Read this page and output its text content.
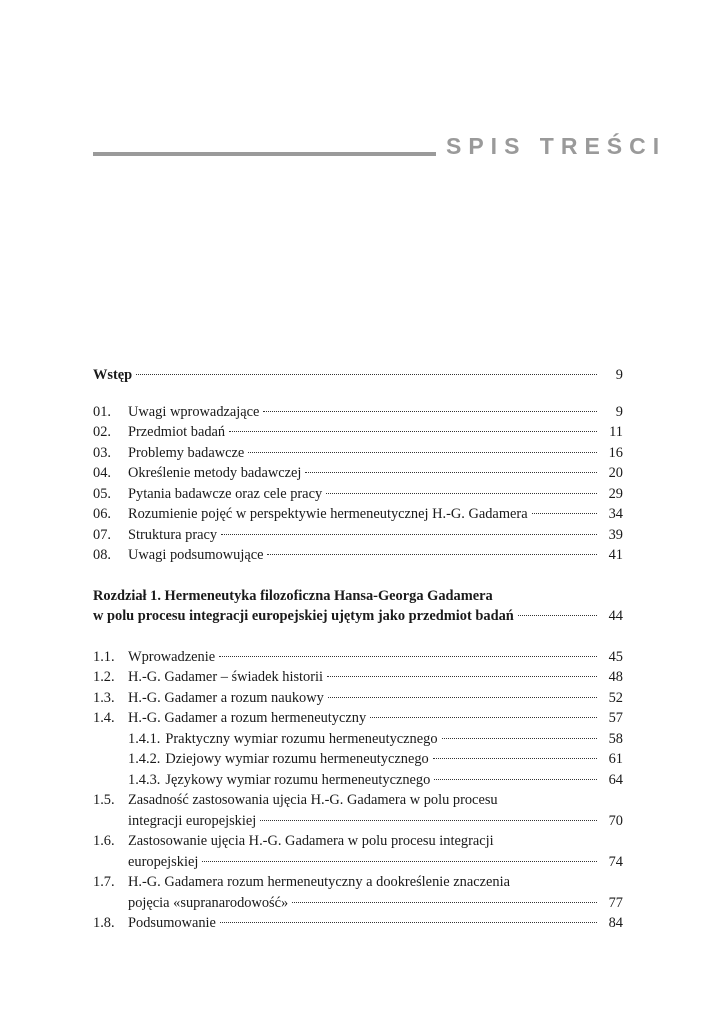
SPIS TREŚCI
Wstęp	9
01.	Uwagi wprowadzające	9
02.	Przedmiot badań	11
03.	Problemy badawcze	16
04.	Określenie metody badawczej	20
05.	Pytania badawcze oraz cele pracy	29
06.	Rozumienie pojęć w perspektywie hermeneutycznej H.-G. Gadamera	34
07.	Struktura pracy	39
08.	Uwagi podsumowujące	41
Rozdział 1. Hermeneutyka filozoficzna Hansa-Georga Gadamera
w polu procesu integracji europejskiej ujętym jako przedmiot badań	44
1.1. Wprowadzenie	45
1.2. H.-G. Gadamer – świadek historii	48
1.3. H.-G. Gadamer a rozum naukowy	52
1.4. H.-G. Gadamer a rozum hermeneutyczny	57
1.4.1. Praktyczny wymiar rozumu hermeneutycznego	58
1.4.2. Dziejowy wymiar rozumu hermeneutycznego	61
1.4.3. Językowy wymiar rozumu hermeneutycznego	64
1.5. Zasadność zastosowania ujęcia H.-G. Gadamera w polu procesu
integracji europejskiej	70
1.6. Zastosowanie ujęcia H.-G. Gadamera w polu procesu integracji
europejskiej	74
1.7. H.-G. Gadamera rozum hermeneutyczny a dookreślenie znaczenia
pojęcia «supranarodowość»	77
1.8. Podsumowanie	84
